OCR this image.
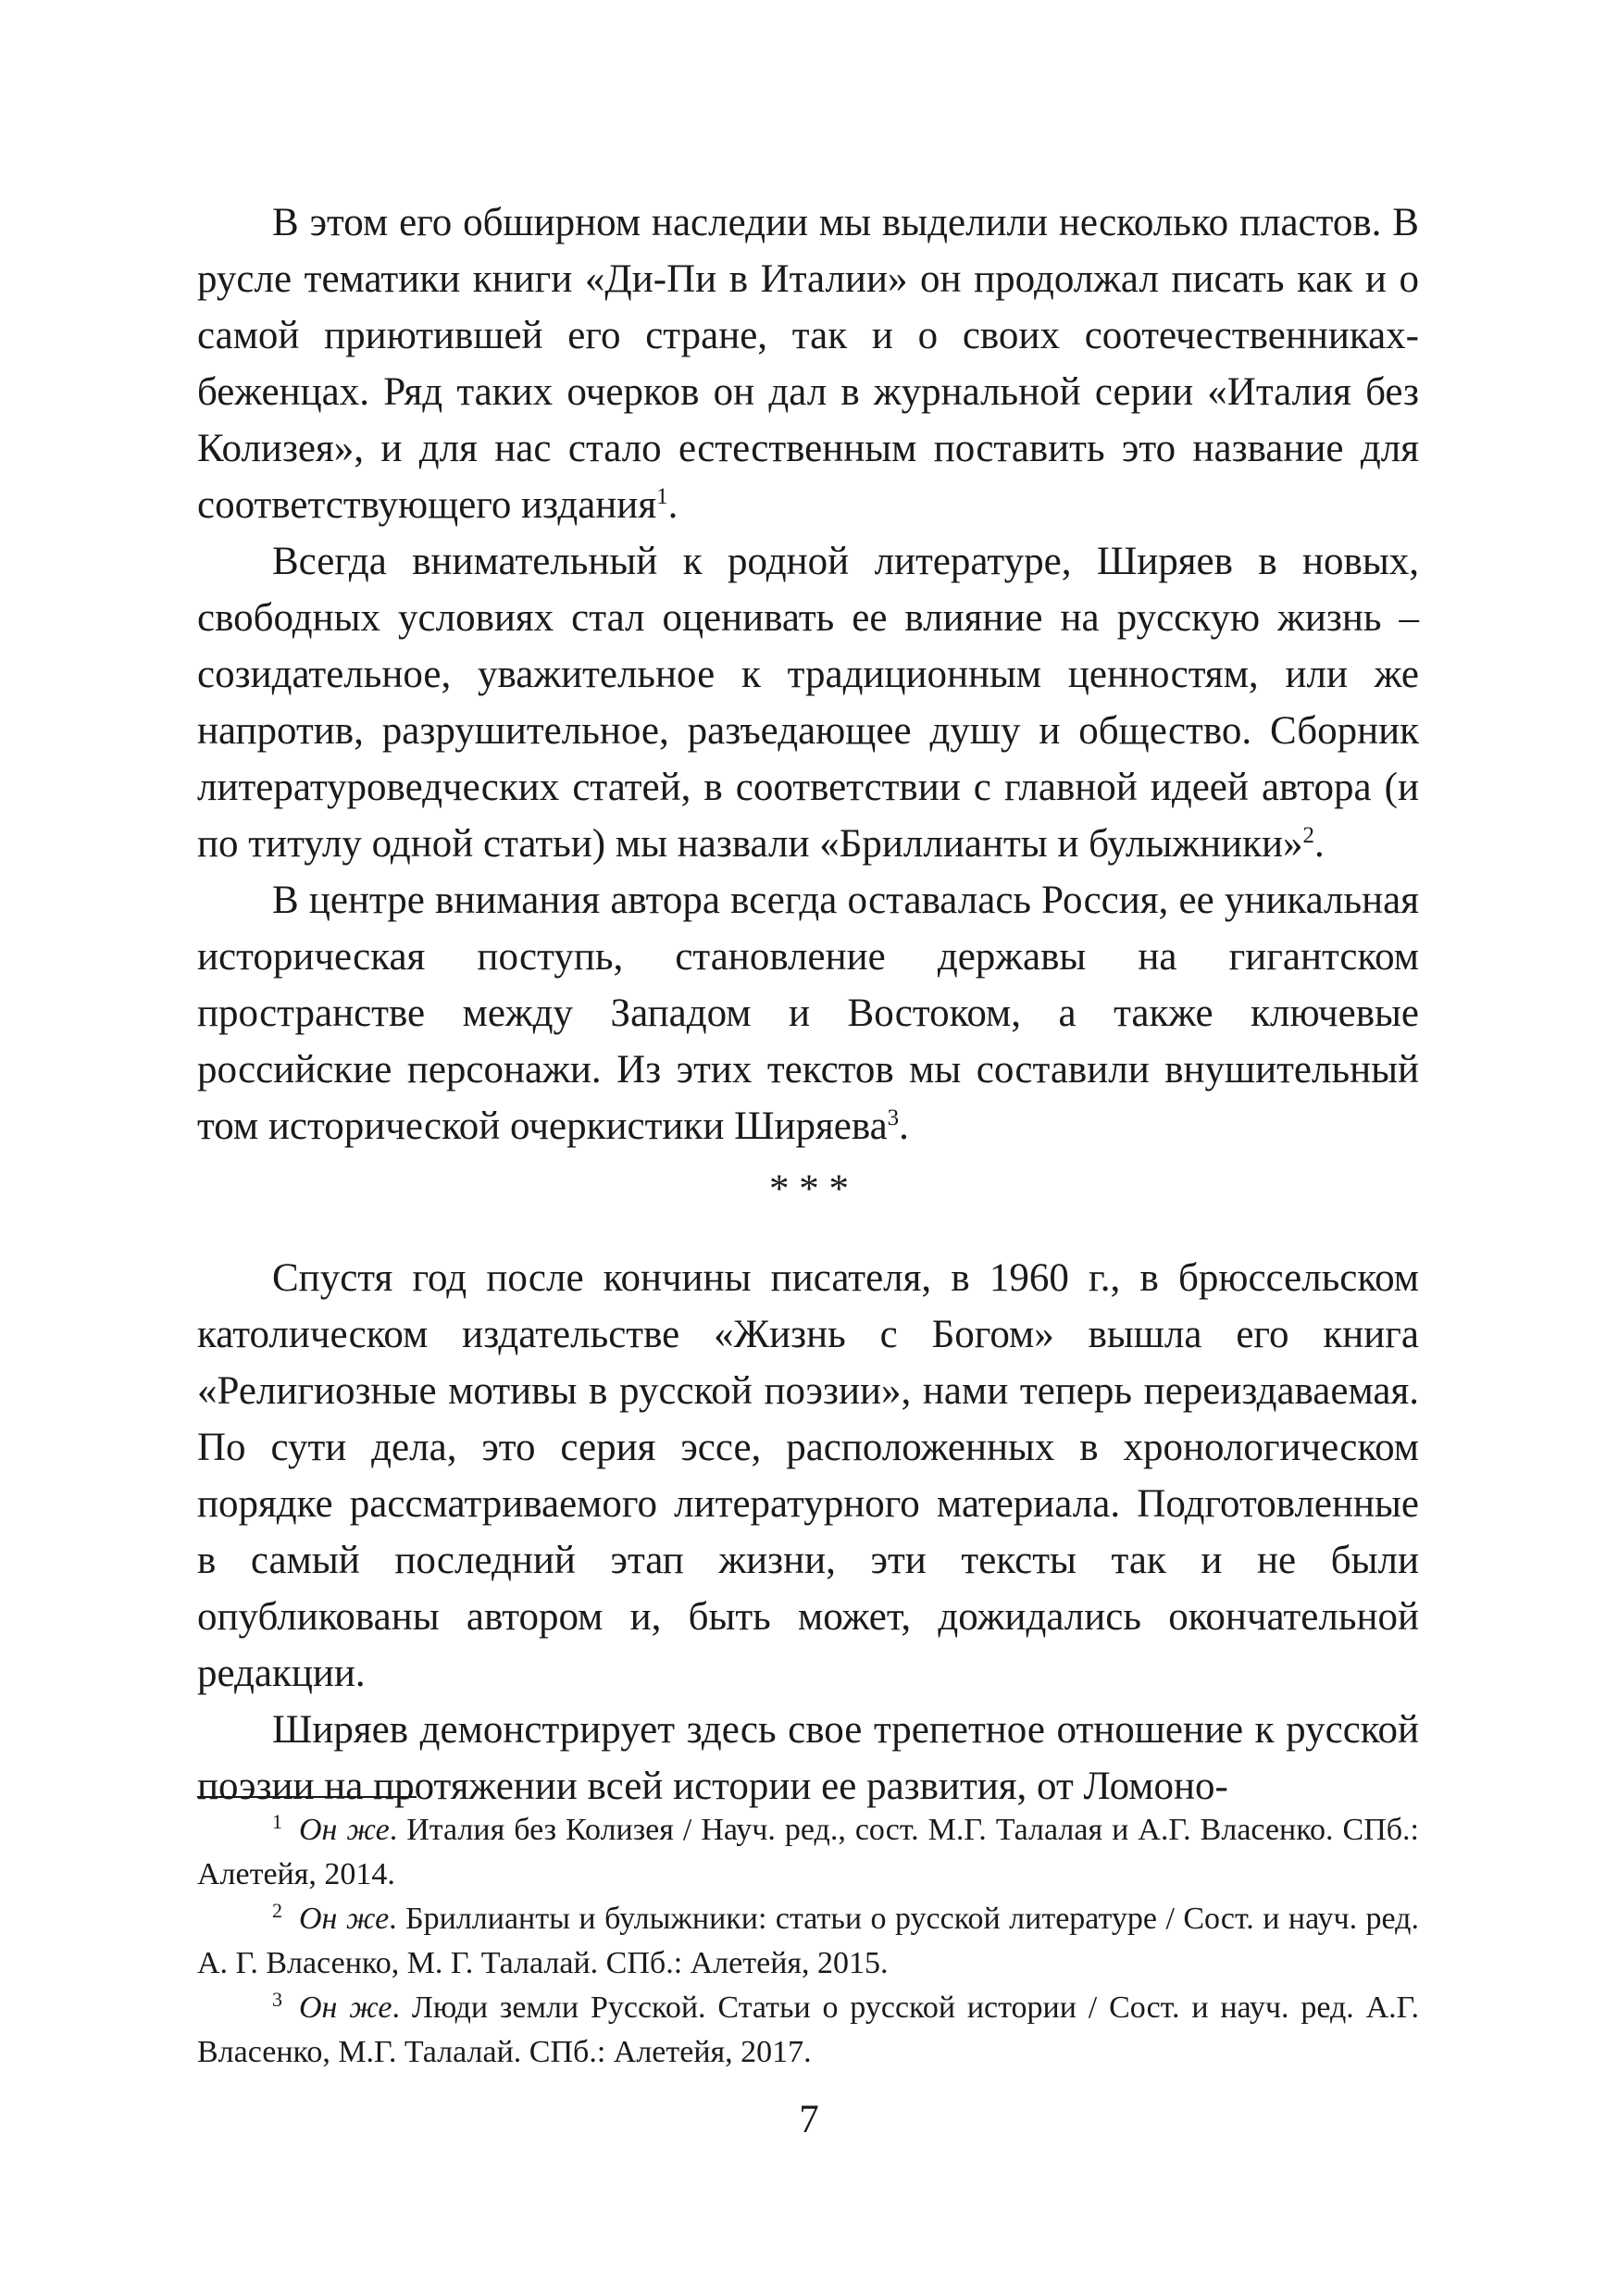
В этом его обширном наследии мы выделили несколько пластов. В русле тематики книги «Ди-Пи в Италии» он продолжал писать как и о самой приютившей его стране, так и о своих соотечественниках-беженцах. Ряд таких очерков он дал в журнальной серии «Италия без Колизея», и для нас стало естественным поставить это название для соответствующего издания$^1$.

Всегда внимательный к родной литературе, Ширяев в новых, свободных условиях стал оценивать ее влияние на русскую жизнь – созидательное, уважительное к традиционным ценностям, или же напротив, разрушительное, разъедающее душу и общество. Сборник литературоведческих статей, в соответствии с главной идеей автора (и по титулу одной статьи) мы назвали «Бриллианты и булыжники»$^2$.

В центре внимания автора всегда оставалась Россия, ее уникальная историческая поступь, становление державы на гигантском пространстве между Западом и Востоком, а также ключевые российские персонажи. Из этих текстов мы составили внушительный том исторической очеркистики Ширяева$^3$.

* * *

Спустя год после кончины писателя, в 1960 г., в брюссельском католическом издательстве «Жизнь с Богом» вышла его книга «Религиозные мотивы в русской поэзии», нами теперь переиздаваемая. По сути дела, это серия эссе, расположенных в хронологическом порядке рассматриваемого литературного материала. Подготовленные в самый последний этап жизни, эти тексты так и не были опубликованы автором и, быть может, дожидались окончательной редакции.

Ширяев демонстрирует здесь свое трепетное отношение к русской поэзии на протяжении всей истории ее развития, от Ломоно-

$^1$ Он же. Италия без Колизея / Науч. ред., сост. М.Г. Талалая и А.Г. Власенко. СПб.: Алетейя, 2014.

$^2$ Он же. Бриллианты и булыжники: статьи о русской литературе / Сост. и науч. ред. А. Г. Власенко, М. Г. Талалай. СПб.: Алетейя, 2015.

$^3$ Он же. Люди земли Русской. Статьи о русской истории / Сост. и науч. ред. А.Г. Власенко, М.Г. Талалай. СПб.: Алетейя, 2017.

7
